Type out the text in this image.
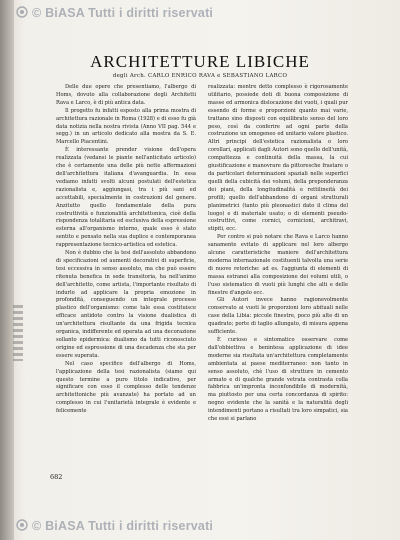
© BiASA Tutti i diritti riservati
ARCHITETTURE LIBICHE
degli Arch. CARLO ENRICO RAVA e SEBASTIANO LARCO

Delle due opere che presentiamo, l'albergo di Homs, dovuto alla collaborazione degli Architetti Rava e Larco, è di più antica data.

Il progetto fu infatti esposto alla prima mostra di architettura razionale in Roma (1928) e di esso fu già data notizia nella nostra rivista (Anno VII pag. 544 e segg.) in un articolo dedicato alla mostra da S. E. Marcello Piacentini.

È interessante prender visione dell'opera realizzata (vedansi le piante nell'anticitato articolo) che è certamente una delle più nette affermazioni dell'architettura italiana d'avanguardia. In essa vediamo infatti svolti alcuni postulati dell'estetica razionalista e, aggiungasi, tra i più sani ed accettabili, specialmente in costruzioni del genere. Anzitutto quello fondamentale della pura costruttività e funzionalità architettonica, cioè della rispondenza totalitaria ed esclusiva della espressione esterna all'organismo interno, quale esso è stato sentito e pensato nella sua duplice e contemporanea rappresentazione tecnico-artistica ed estetica.

Non è dubbio che la tesi dell'assoluto abbandono di specificazioni od aumenti decorativi di superficie, tesi eccessiva in senso assoluto, ma che può essere ritenuta benefica in sede transitoria, ha nell'animo dell'architetto, come artista, l'importante risultato di indurlo ad applicare la propria emozione in profondità, conseguendo un integrale processo plastico dell'organismo: come tale essa costituisce efficace antidoto contro la visione dualistica di un'architettura risultante da una frigida tecnica organica, indifferente ed operata ad una decorazione sollanto epidermica: dualismo da tutti riconosciuto origine ed espressione di una decadenza che sta per essere superata.

Nel caso specifico dell'albergo di Homs, l'applicazione della tesi razionalista (siamo qui questo termine a puro titolo indicativo, per significare con esso il complesso delle tendenze architettoniche più avanzate) ha portato ad un complesso in cui l'unitarietà integrale è evidente e felicemente

realizzata: mentre detto complesso è rigorosamente utilitario, possiede doti di buona composizione di masse ed armonica dislocazione dei vuoti, i quali pur essendo di forme e proporzioni quanto mai varie, trattano sino disposti con equilibrato senso del loro peso, così da conferire ad ogni parte della costruzione un omogeneo ed unitario valore plastico. Altri principi dell'estetica razionalista o loro corollari, applicati dagli Autori sono quello dell'unità, compattezza e continuità della massa, la cui giustificazione e manovrare da pittoresche frastare o da particolari determinazioni spaziali nelle superfici quelli della cubicità dei volumi, della preponderanza dei piani, della longitudinalità e rettilineità dei profili; quello dell'abbandono di organi strutturali planimetrici (tanto più pleonastici dato il clima del luogo) e di materiale usato; o di elementi pseudo-costruttivi, come cornici, cornicioni, architravi, stipiti, ecc.

Per contro si può notare che Rava e Larco hanno sanamente evitato di applicare nel loro albergo alcune caratteristiche maniere dell'architettura moderna internazionale costituenti talvolta una serie di nuove retoriche: ad es. l'aggiunta di elementi di massa estranei alla composizione dei volumi utili, o l'uso sistematico di vuoti più lunghi che alti e delle finestre d'angolo ecc.

Gli Autori invece hanno ragionevolmente conservato ai vuoti le proporzioni loro abituali nelle case della Libia: piccole finestre, poco più alte di un quadrato; porte di taglio allungato, di misura appena sufficiente.

È curioso e sintomatico osservare come dall'obbiettiva e benintesa applicazione di idee moderne sia risultata un'architettura completamente ambientata ai paese mediterraneo: non tanto in senso assoluto, chè l'uso di strutture in cemento armato e di qualche grande vetrata contrasta colla fabbrica un'impronta inconfondibile di modernità, ma piuttosto per una certa concordanza di spirito: negno evidente che la sanità e la naturalità degli intendimenti portano a risultati tra loro simpatici, sia che essi si parlano

682
© BiASA Tutti i diritti riservati
